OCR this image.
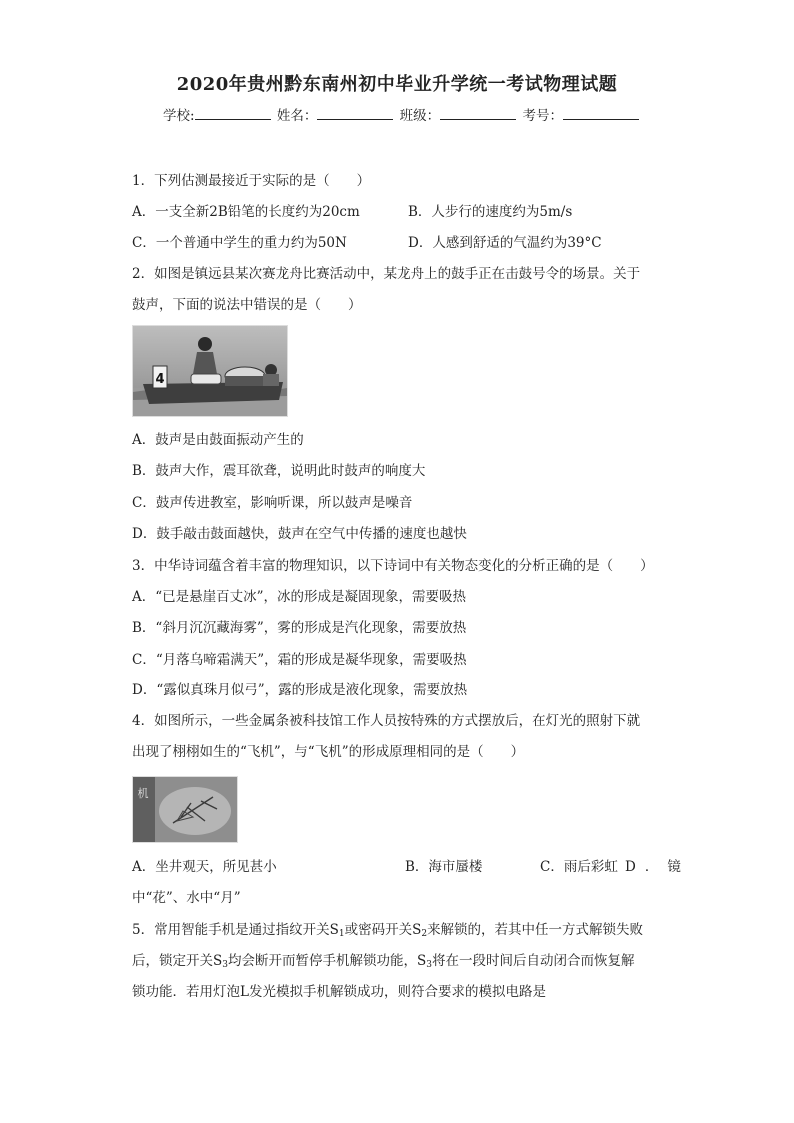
2020年贵州黔东南州初中毕业升学统一考试物理试题
学校:	姓名：	班级：	考号：
1．下列估测最接近于实际的是（　　）
A．一支全新2B铅笔的长度约为20cm	B．人步行的速度约为5m/s
C．一个普通中学生的重力约为50N	D．人感到舒适的气温约为39°C
2．如图是镇远县某次赛龙舟比赛活动中，某龙舟上的鼓手正在击鼓号令的场景。关于
鼓声，下面的说法中错误的是（　　）
4
A．鼓声是由鼓面振动产生的
B．鼓声大作，震耳欲聋，说明此时鼓声的响度大
C．鼓声传进教室，影响听课，所以鼓声是噪音
D．鼓手敲击鼓面越快，鼓声在空气中传播的速度也越快
3．中华诗词蕴含着丰富的物理知识，以下诗词中有关物态变化的分析正确的是（　　）
A．“已是悬崖百丈冰”，冰的形成是凝固现象，需要吸热
B．“斜月沉沉藏海雾”，雾的形成是汽化现象，需要放热
C．“月落乌啼霜满天”，霜的形成是凝华现象，需要吸热
D．“露似真珠月似弓”，露的形成是液化现象，需要放热
4．如图所示，一些金属条被科技馆工作人员按特殊的方式摆放后，在灯光的照射下就
出现了栩栩如生的“飞机”，与“飞机”的形成原理相同的是（　　）
机
A．坐井观天，所见甚小	B．海市蜃楼	C．雨后彩虹 D．镜
中“花”、水中“月”
5．常用智能手机是通过指纹开关$S_1$或密码开关$S_2$来解锁的，若其中任一方式解锁失败
后，锁定开关$S_3$均会断开而暂停手机解锁功能，$S_3$将在一段时间后自动闭合而恢复解
锁功能．若用灯泡L发光模拟手机解锁成功，则符合要求的模拟电路是
